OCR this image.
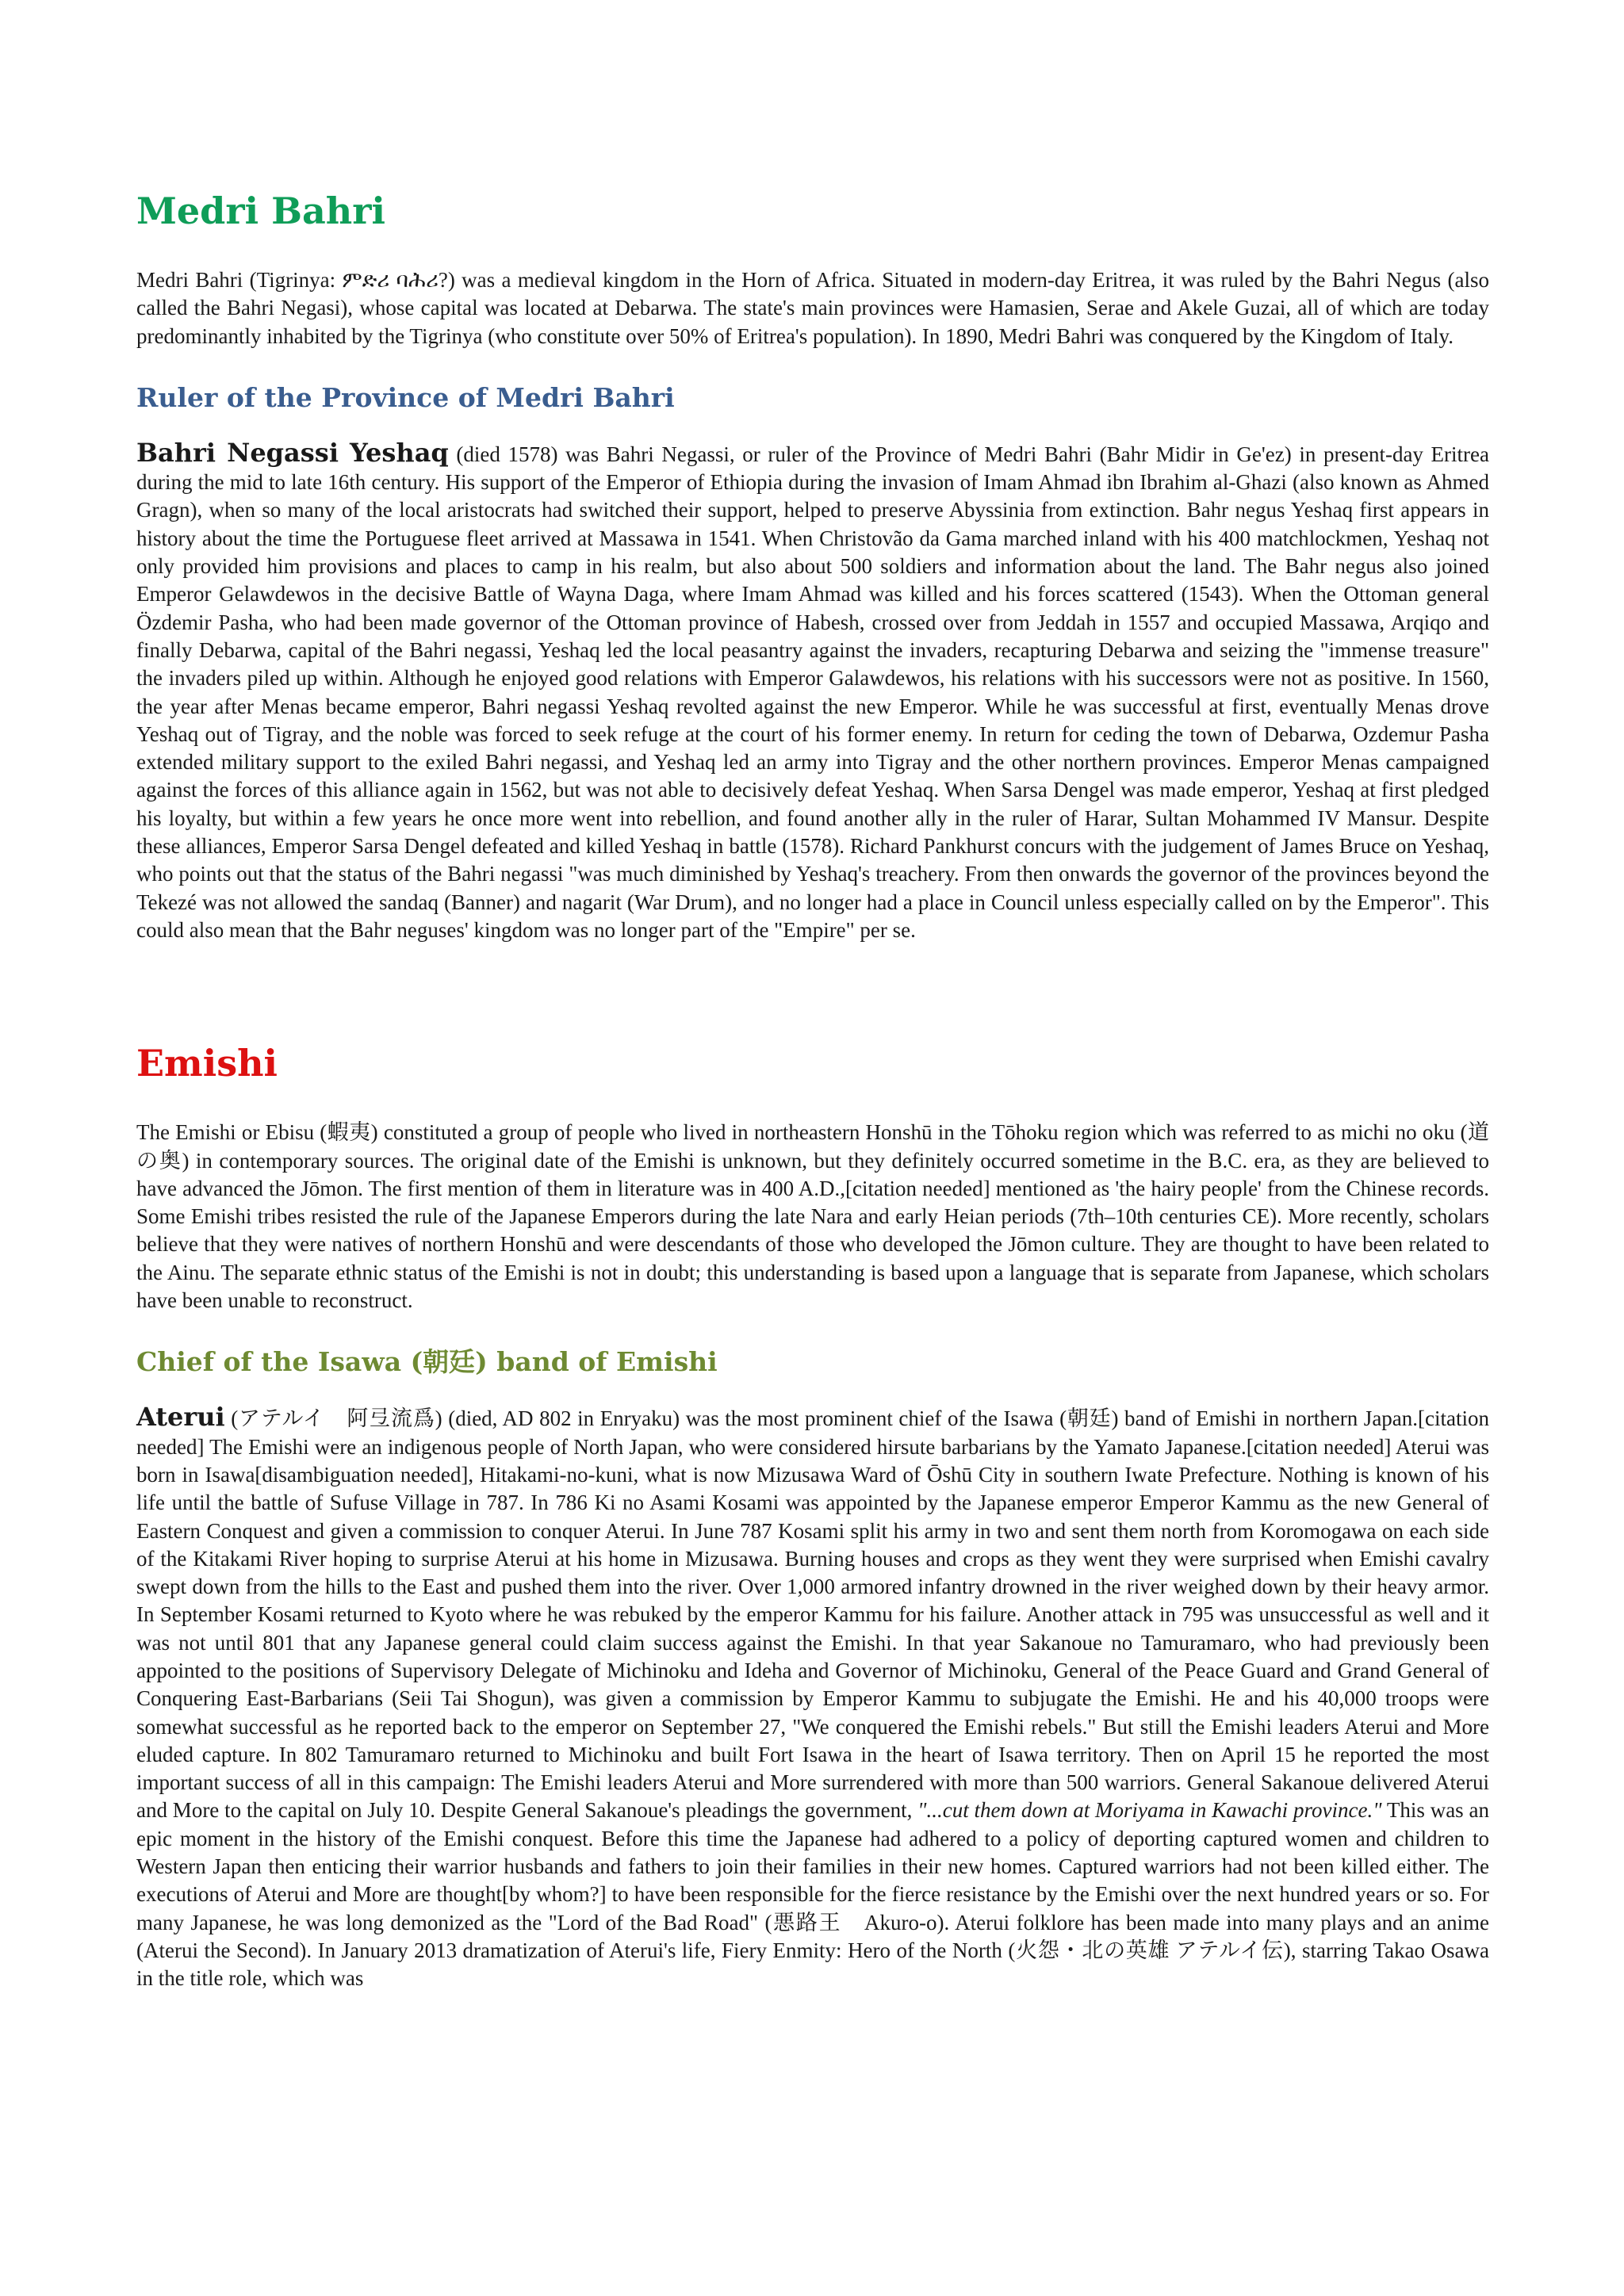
Medri Bahri

Medri Bahri (Tigrinya: ምድሪ ባሕሪ?) was a medieval kingdom in the Horn of Africa. Situated in modern-day Eritrea, it was ruled by the Bahri Negus (also called the Bahri Negasi), whose capital was located at Debarwa. The state's main provinces were Hamasien, Serae and Akele Guzai, all of which are today predominantly inhabited by the Tigrinya (who constitute over 50% of Eritrea's population). In 1890, Medri Bahri was conquered by the Kingdom of Italy.

Ruler of the Province of Medri Bahri

Bahri Negassi Yeshaq (died 1578) was Bahri Negassi, or ruler of the Province of Medri Bahri (Bahr Midir in Ge'ez) in present-day Eritrea during the mid to late 16th century. His support of the Emperor of Ethiopia during the invasion of Imam Ahmad ibn Ibrahim al-Ghazi (also known as Ahmed Gragn), when so many of the local aristocrats had switched their support, helped to preserve Abyssinia from extinction. Bahr negus Yeshaq first appears in history about the time the Portuguese fleet arrived at Massawa in 1541. When Christovão da Gama marched inland with his 400 matchlockmen, Yeshaq not only provided him provisions and places to camp in his realm, but also about 500 soldiers and information about the land. The Bahr negus also joined Emperor Gelawdewos in the decisive Battle of Wayna Daga, where Imam Ahmad was killed and his forces scattered (1543). When the Ottoman general Özdemir Pasha, who had been made governor of the Ottoman province of Habesh, crossed over from Jeddah in 1557 and occupied Massawa, Arqiqo and finally Debarwa, capital of the Bahri negassi, Yeshaq led the local peasantry against the invaders, recapturing Debarwa and seizing the "immense treasure" the invaders piled up within. Although he enjoyed good relations with Emperor Galawdewos, his relations with his successors were not as positive. In 1560, the year after Menas became emperor, Bahri negassi Yeshaq revolted against the new Emperor. While he was successful at first, eventually Menas drove Yeshaq out of Tigray, and the noble was forced to seek refuge at the court of his former enemy. In return for ceding the town of Debarwa, Ozdemur Pasha extended military support to the exiled Bahri negassi, and Yeshaq led an army into Tigray and the other northern provinces. Emperor Menas campaigned against the forces of this alliance again in 1562, but was not able to decisively defeat Yeshaq. When Sarsa Dengel was made emperor, Yeshaq at first pledged his loyalty, but within a few years he once more went into rebellion, and found another ally in the ruler of Harar, Sultan Mohammed IV Mansur. Despite these alliances, Emperor Sarsa Dengel defeated and killed Yeshaq in battle (1578). Richard Pankhurst concurs with the judgement of James Bruce on Yeshaq, who points out that the status of the Bahri negassi "was much diminished by Yeshaq's treachery. From then onwards the governor of the provinces beyond the Tekezé was not allowed the sandaq (Banner) and nagarit (War Drum), and no longer had a place in Council unless especially called on by the Emperor". This could also mean that the Bahr neguses' kingdom was no longer part of the "Empire" per se.

Emishi

The Emishi or Ebisu (蝦夷) constituted a group of people who lived in northeastern Honshū in the Tōhoku region which was referred to as michi no oku (道の奥) in contemporary sources. The original date of the Emishi is unknown, but they definitely occurred sometime in the B.C. era, as they are believed to have advanced the Jōmon. The first mention of them in literature was in 400 A.D.,[citation needed] mentioned as 'the hairy people' from the Chinese records. Some Emishi tribes resisted the rule of the Japanese Emperors during the late Nara and early Heian periods (7th–10th centuries CE). More recently, scholars believe that they were natives of northern Honshū and were descendants of those who developed the Jōmon culture. They are thought to have been related to the Ainu. The separate ethnic status of the Emishi is not in doubt; this understanding is based upon a language that is separate from Japanese, which scholars have been unable to reconstruct.

Chief of the Isawa (朝廷) band of Emishi

Aterui (アテルイ　阿弖流爲) (died, AD 802 in Enryaku) was the most prominent chief of the Isawa (朝廷) band of Emishi in northern Japan.[citation needed] The Emishi were an indigenous people of North Japan, who were considered hirsute barbarians by the Yamato Japanese.[citation needed] Aterui was born in Isawa[disambiguation needed], Hitakami-no-kuni, what is now Mizusawa Ward of Ōshū City in southern Iwate Prefecture. Nothing is known of his life until the battle of Sufuse Village in 787. In 786 Ki no Asami Kosami was appointed by the Japanese emperor Emperor Kammu as the new General of Eastern Conquest and given a commission to conquer Aterui. In June 787 Kosami split his army in two and sent them north from Koromogawa on each side of the Kitakami River hoping to surprise Aterui at his home in Mizusawa. Burning houses and crops as they went they were surprised when Emishi cavalry swept down from the hills to the East and pushed them into the river. Over 1,000 armored infantry drowned in the river weighed down by their heavy armor. In September Kosami returned to Kyoto where he was rebuked by the emperor Kammu for his failure. Another attack in 795 was unsuccessful as well and it was not until 801 that any Japanese general could claim success against the Emishi. In that year Sakanoue no Tamuramaro, who had previously been appointed to the positions of Supervisory Delegate of Michinoku and Ideha and Governor of Michinoku, General of the Peace Guard and Grand General of Conquering East-Barbarians (Seii Tai Shogun), was given a commission by Emperor Kammu to subjugate the Emishi. He and his 40,000 troops were somewhat successful as he reported back to the emperor on September 27, "We conquered the Emishi rebels." But still the Emishi leaders Aterui and More eluded capture. In 802 Tamuramaro returned to Michinoku and built Fort Isawa in the heart of Isawa territory. Then on April 15 he reported the most important success of all in this campaign: The Emishi leaders Aterui and More surrendered with more than 500 warriors. General Sakanoue delivered Aterui and More to the capital on July 10. Despite General Sakanoue's pleadings the government, "...cut them down at Moriyama in Kawachi province." This was an epic moment in the history of the Emishi conquest. Before this time the Japanese had adhered to a policy of deporting captured women and children to Western Japan then enticing their warrior husbands and fathers to join their families in their new homes. Captured warriors had not been killed either. The executions of Aterui and More are thought[by whom?] to have been responsible for the fierce resistance by the Emishi over the next hundred years or so. For many Japanese, he was long demonized as the "Lord of the Bad Road" (悪路王　Akuro-o). Aterui folklore has been made into many plays and an anime (Aterui the Second). In January 2013 dramatization of Aterui's life, Fiery Enmity: Hero of the North (火怨・北の英雄 アテルイ伝), starring Takao Osawa in the title role, which was
